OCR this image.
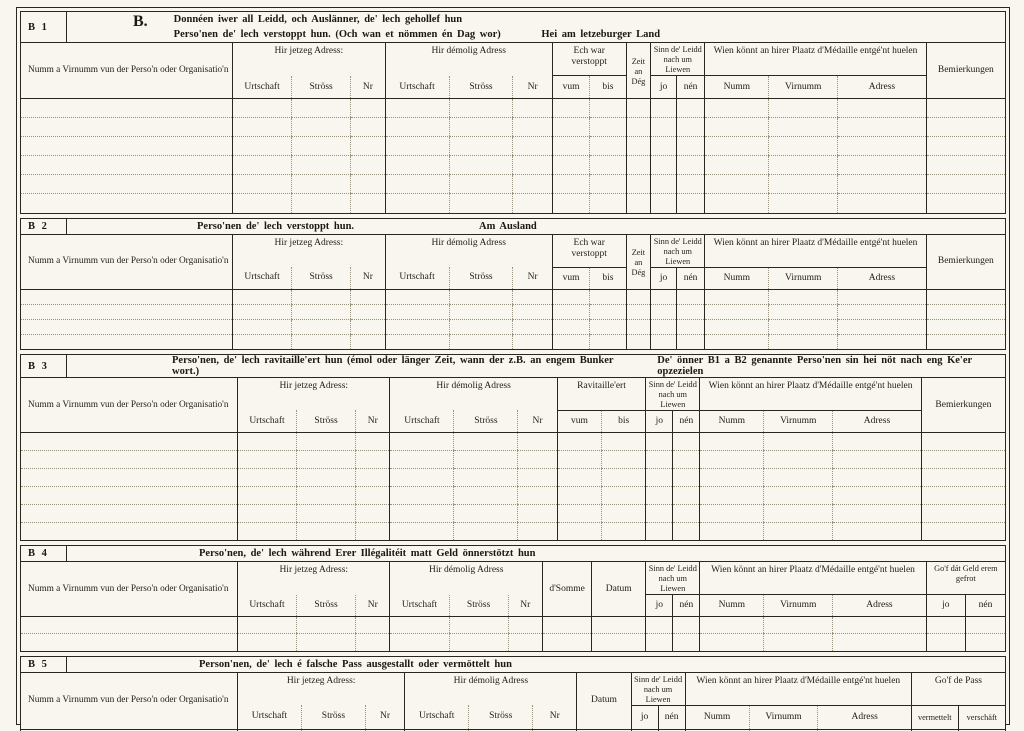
B 1	B. Donnéen iwer all Leidd, och Auslänner, de' lech gehollef hun
Perso'nen de' lech verstoppt hun. (Och wan et nömmen én Dag wor)	Hei am letzeburger Land
Numm a Virnumm vun der Perso'n oder Organisatio'n	Hir jetzeg Adress:			Hir démolig Adress			Ech war verstoppt		Zeit an Dég	Sinn de' Leidd nach um Liewen		Wien könnt an hirer Plaatz d'Médaille entgé'nt huelen			Bemierkungen
	Urtschaft	Ströss	Nr	Urtschaft	Ströss	Nr	vum	bis		jo	nén	Numm	Virnumm	Adress	

B 2	Perso'nen de' lech verstoppt hun.	Am Ausland
Numm a Virnumm vun der Perso'n oder Organisatio'n	Hir jetzeg Adress:			Hir démolig Adress			Ech war verstoppt		Zeit an Dég	Sinn de' Leidd nach um Liewen		Wien könnt an hirer Plaatz d'Médaille entgé'nt huelen			Bemierkungen
	Urtschaft	Ströss	Nr	Urtschaft	Ströss	Nr	vum	bis		jo	nén	Numm	Virnumm	Adress	

B 3	Perso'nen, de' lech ravitaille'ert hun (émol oder länger Zeit, wann der z.B. an engem Bunker wort.)
De' önner B1 a B2 genannte Perso'nen sin hei nöt nach eng Ke'er opzezielen
Numm a Virnumm vun der Perso'n oder Organisatio'n	Hir jetzeg Adress:			Hir démolig Adress			Ravitaille'ert		Sinn de' Leidd nach um Liewen		Wien könnt an hirer Plaatz d'Médaille entgé'nt huelen			Bemierkungen
	Urtschaft	Ströss	Nr	Urtschaft	Ströss	Nr	vum	bis	jo	nén	Numm	Virnumm	Adress	

B 4	Perso'nen, de' lech während Erer Illégalitéit matt Geld önnerstötzt hun
Numm a Virnumm vun der Perso'n oder Organisatio'n	Hir jetzeg Adress:			Hir démolig Adress			d'Somme	Datum	Sinn de' Leidd nach um Liewen		Wien könnt an hirer Plaatz d'Médaille entgé'nt huelen			Go'f dát Geld erem gefrot	
	Urtschaft	Ströss	Nr	Urtschaft	Ströss	Nr			jo	nén	Numm	Virnumm	Adress	jo	nén

B 5	Person'nen, de' lech é falsche Pass ausgestallt oder vermöttelt hun
Numm a Virnumm vun der Perso'n oder Organisatio'n	Hir jetzeg Adress:			Hir démolig Adress			Datum	Sinn de' Leidd nach um Liewen		Wien könnt an hirer Plaatz d'Médaille entgé'nt huelen			Go'f de Pass	
	Urtschaft	Ströss	Nr	Urtschaft	Ströss	Nr		jo	nén	Numm	Virnumm	Adress	vermettelt	verschäft
